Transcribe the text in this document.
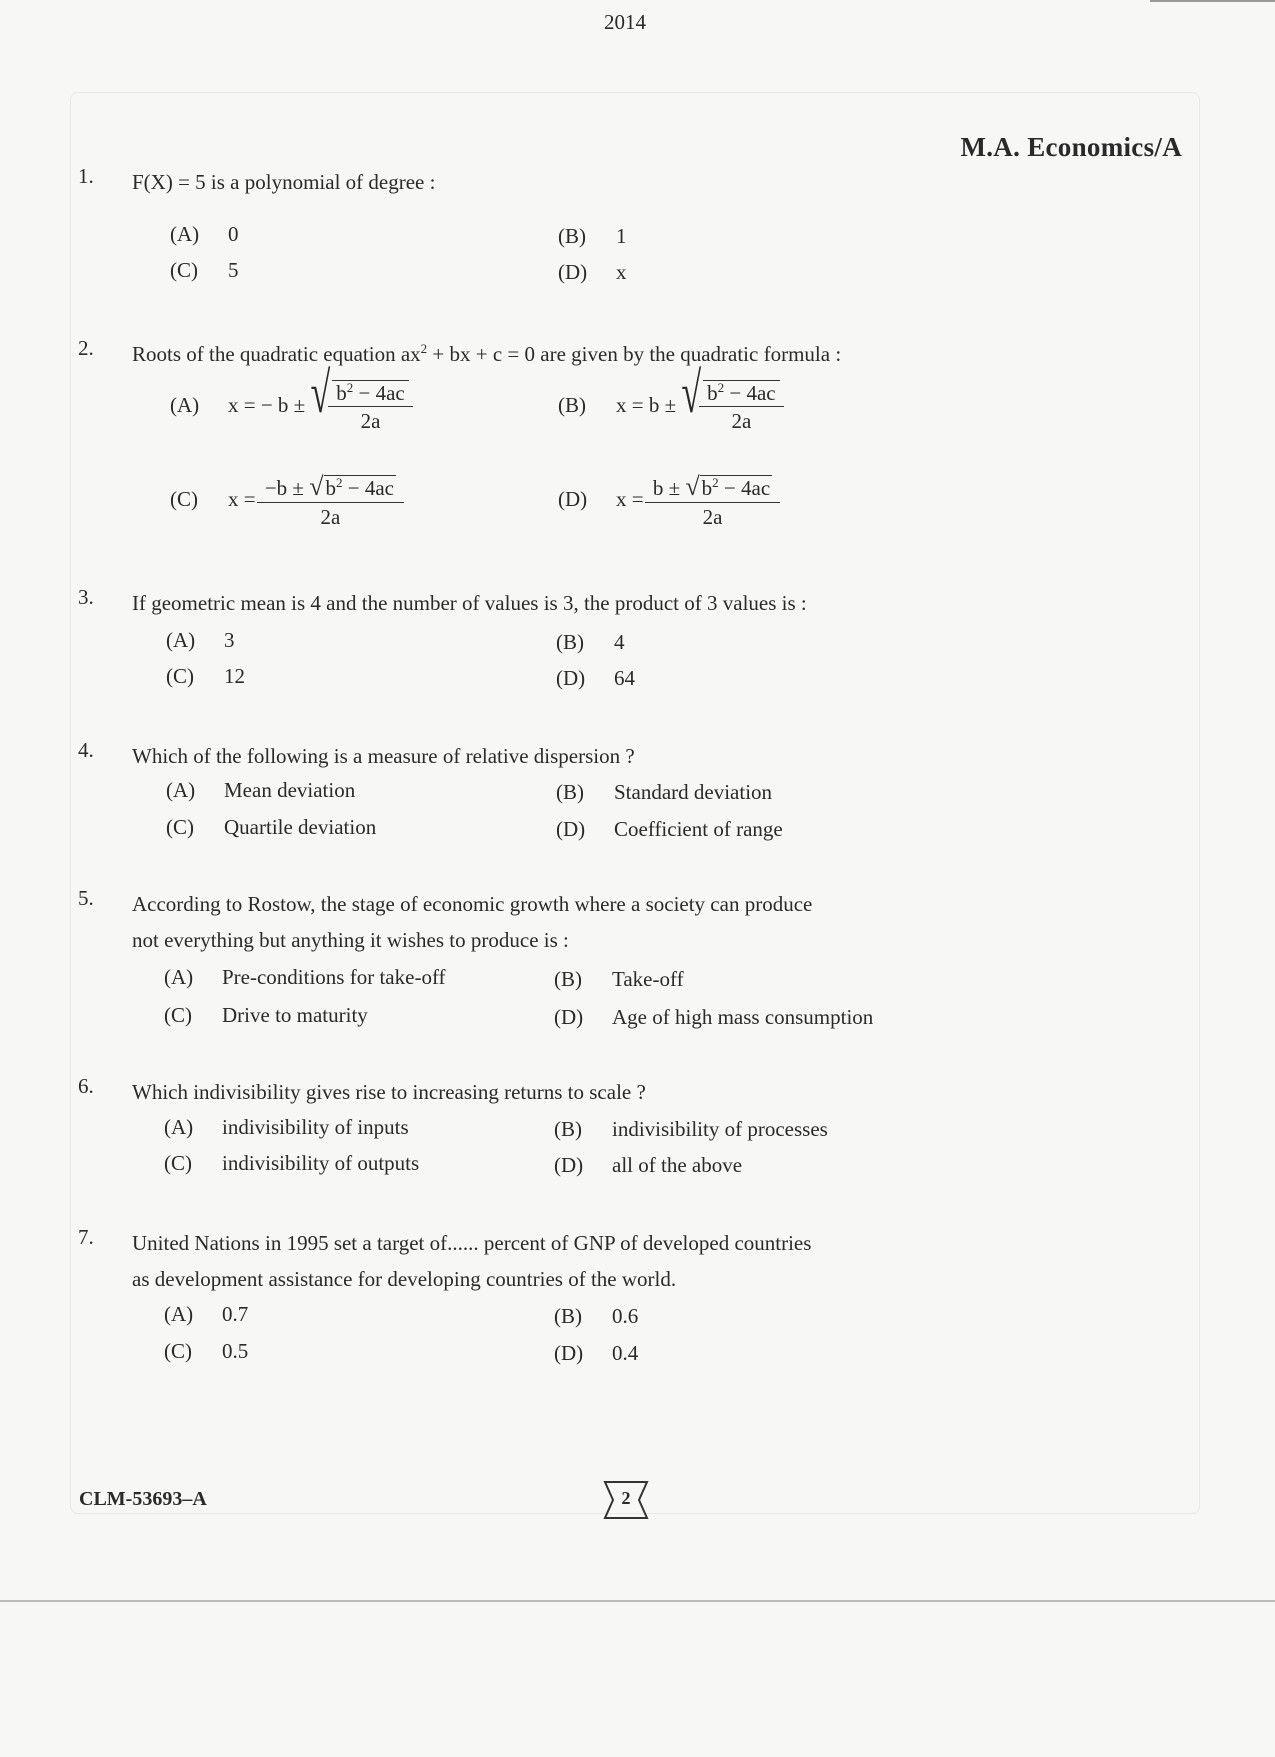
2014
M.A. Economics/A
1. F(X) = 5 is a polynomial of degree :
(A) 0	(B) 1
(C) 5	(D) x
2. Roots of the quadratic equation $ax^2$ + bx + c = 0 are given by the quadratic formula :
(A) x = − b ± √ $\frac{b^2 - 4ac}{2a}$	(B) x = b ± √ $\frac{b^2 - 4ac}{2a}$
(C) $x = \frac{-b \pm √b^2 - 4ac}{2a}$	(D) $x = \frac{b \pm √b^2 - 4ac}{2a}$
3. If geometric mean is 4 and the number of values is 3, the product of 3 values is :
(A) 3	(B) 4
(C) 12	(D) 64
4. Which of the following is a measure of relative dispersion ?
(A) Mean deviation	(B) Standard deviation
(C) Quartile deviation	(D) Coefficient of range
5. According to Rostow, the stage of economic growth where a society can produce
not everything but anything it wishes to produce is :
(A) Pre-conditions for take-off	(B) Take-off
(C) Drive to maturity	(D) Age of high mass consumption
6. Which indivisibility gives rise to increasing returns to scale ?
(A) indivisibility of inputs	(B) indivisibility of processes
(C) indivisibility of outputs	(D) all of the above
7. United Nations in 1995 set a target of...... percent of GNP of developed countries
as development assistance for developing countries of the world.
(A) 0.7	(B) 0.6
(C) 0.5	(D) 0.4
CLM-53693–A	2
